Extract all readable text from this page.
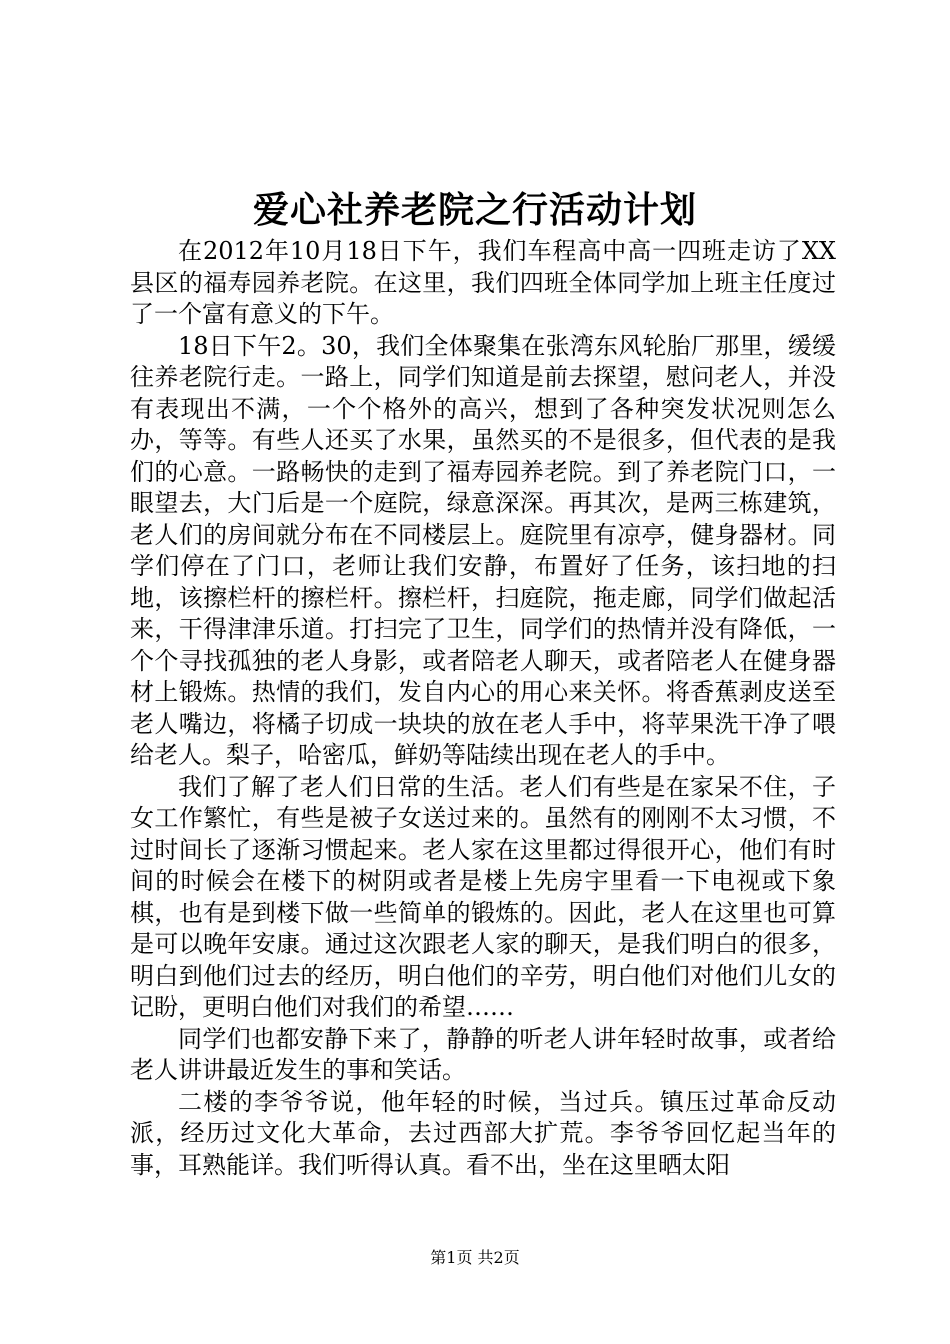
爱心社养老院之行活动计划

在2012年10月18日下午，我们车程高中高一四班走访了XX县区的福寿园养老院。在这里，我们四班全体同学加上班主任度过了一个富有意义的下午。

18日下午2。30，我们全体聚集在张湾东风轮胎厂那里，缓缓往养老院行走。一路上，同学们知道是前去探望，慰问老人，并没有表现出不满，一个个格外的高兴，想到了各种突发状况则怎么办，等等。有些人还买了水果，虽然买的不是很多，但代表的是我们的心意。一路畅快的走到了福寿园养老院。到了养老院门口，一眼望去，大门后是一个庭院，绿意深深。再其次，是两三栋建筑，老人们的房间就分布在不同楼层上。庭院里有凉亭，健身器材。同学们停在了门口，老师让我们安静，布置好了任务，该扫地的扫地，该擦栏杆的擦栏杆。擦栏杆，扫庭院，拖走廊，同学们做起活来，干得津津乐道。打扫完了卫生，同学们的热情并没有降低，一个个寻找孤独的老人身影，或者陪老人聊天，或者陪老人在健身器材上锻炼。热情的我们，发自内心的用心来关怀。将香蕉剥皮送至老人嘴边，将橘子切成一块块的放在老人手中，将苹果洗干净了喂给老人。梨子，哈密瓜，鲜奶等陆续出现在老人的手中。

我们了解了老人们日常的生活。老人们有些是在家呆不住，子女工作繁忙，有些是被子女送过来的。虽然有的刚刚不太习惯，不过时间长了逐渐习惯起来。老人家在这里都过得很开心，他们有时间的时候会在楼下的树阴或者是楼上先房宇里看一下电视或下象棋，也有是到楼下做一些简单的锻炼的。因此，老人在这里也可算是可以晚年安康。通过这次跟老人家的聊天，是我们明白的很多，明白到他们过去的经历，明白他们的辛劳，明白他们对他们儿女的记盼，更明白他们对我们的希望……

同学们也都安静下来了，静静的听老人讲年轻时故事，或者给老人讲讲最近发生的事和笑话。

二楼的李爷爷说，他年轻的时候，当过兵。镇压过革命反动派，经历过文化大革命，去过西部大扩荒。李爷爷回忆起当年的事，耳熟能详。我们听得认真。看不出，坐在这里晒太阳

第1页 共2页
